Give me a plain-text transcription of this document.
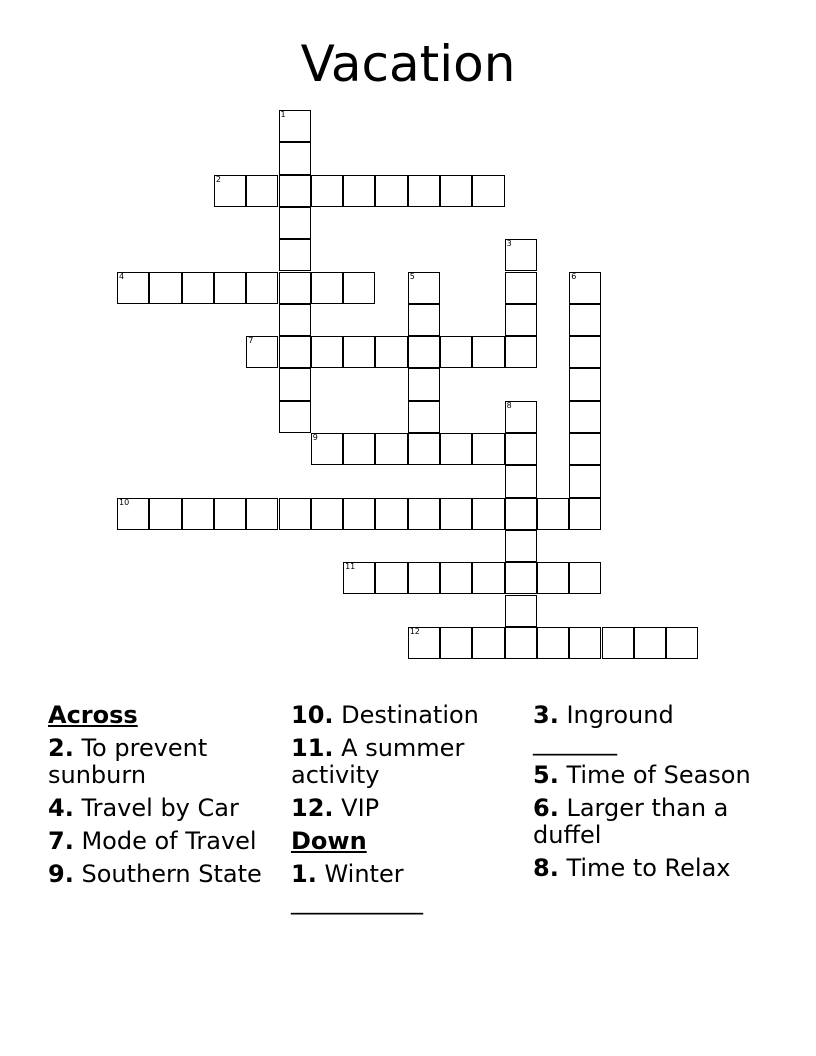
Vacation
1
2
3
4	5	6
7
8
9
10
11
12
Across
2. To prevent sunburn
4. Travel by Car
7. Mode of Travel
9. Southern State
10. Destination
11. A summer activity
12. VIP
Down
1. Winter ___________
3. Inground _______
5. Time of Season
6. Larger than a duffel
8. Time to Relax
